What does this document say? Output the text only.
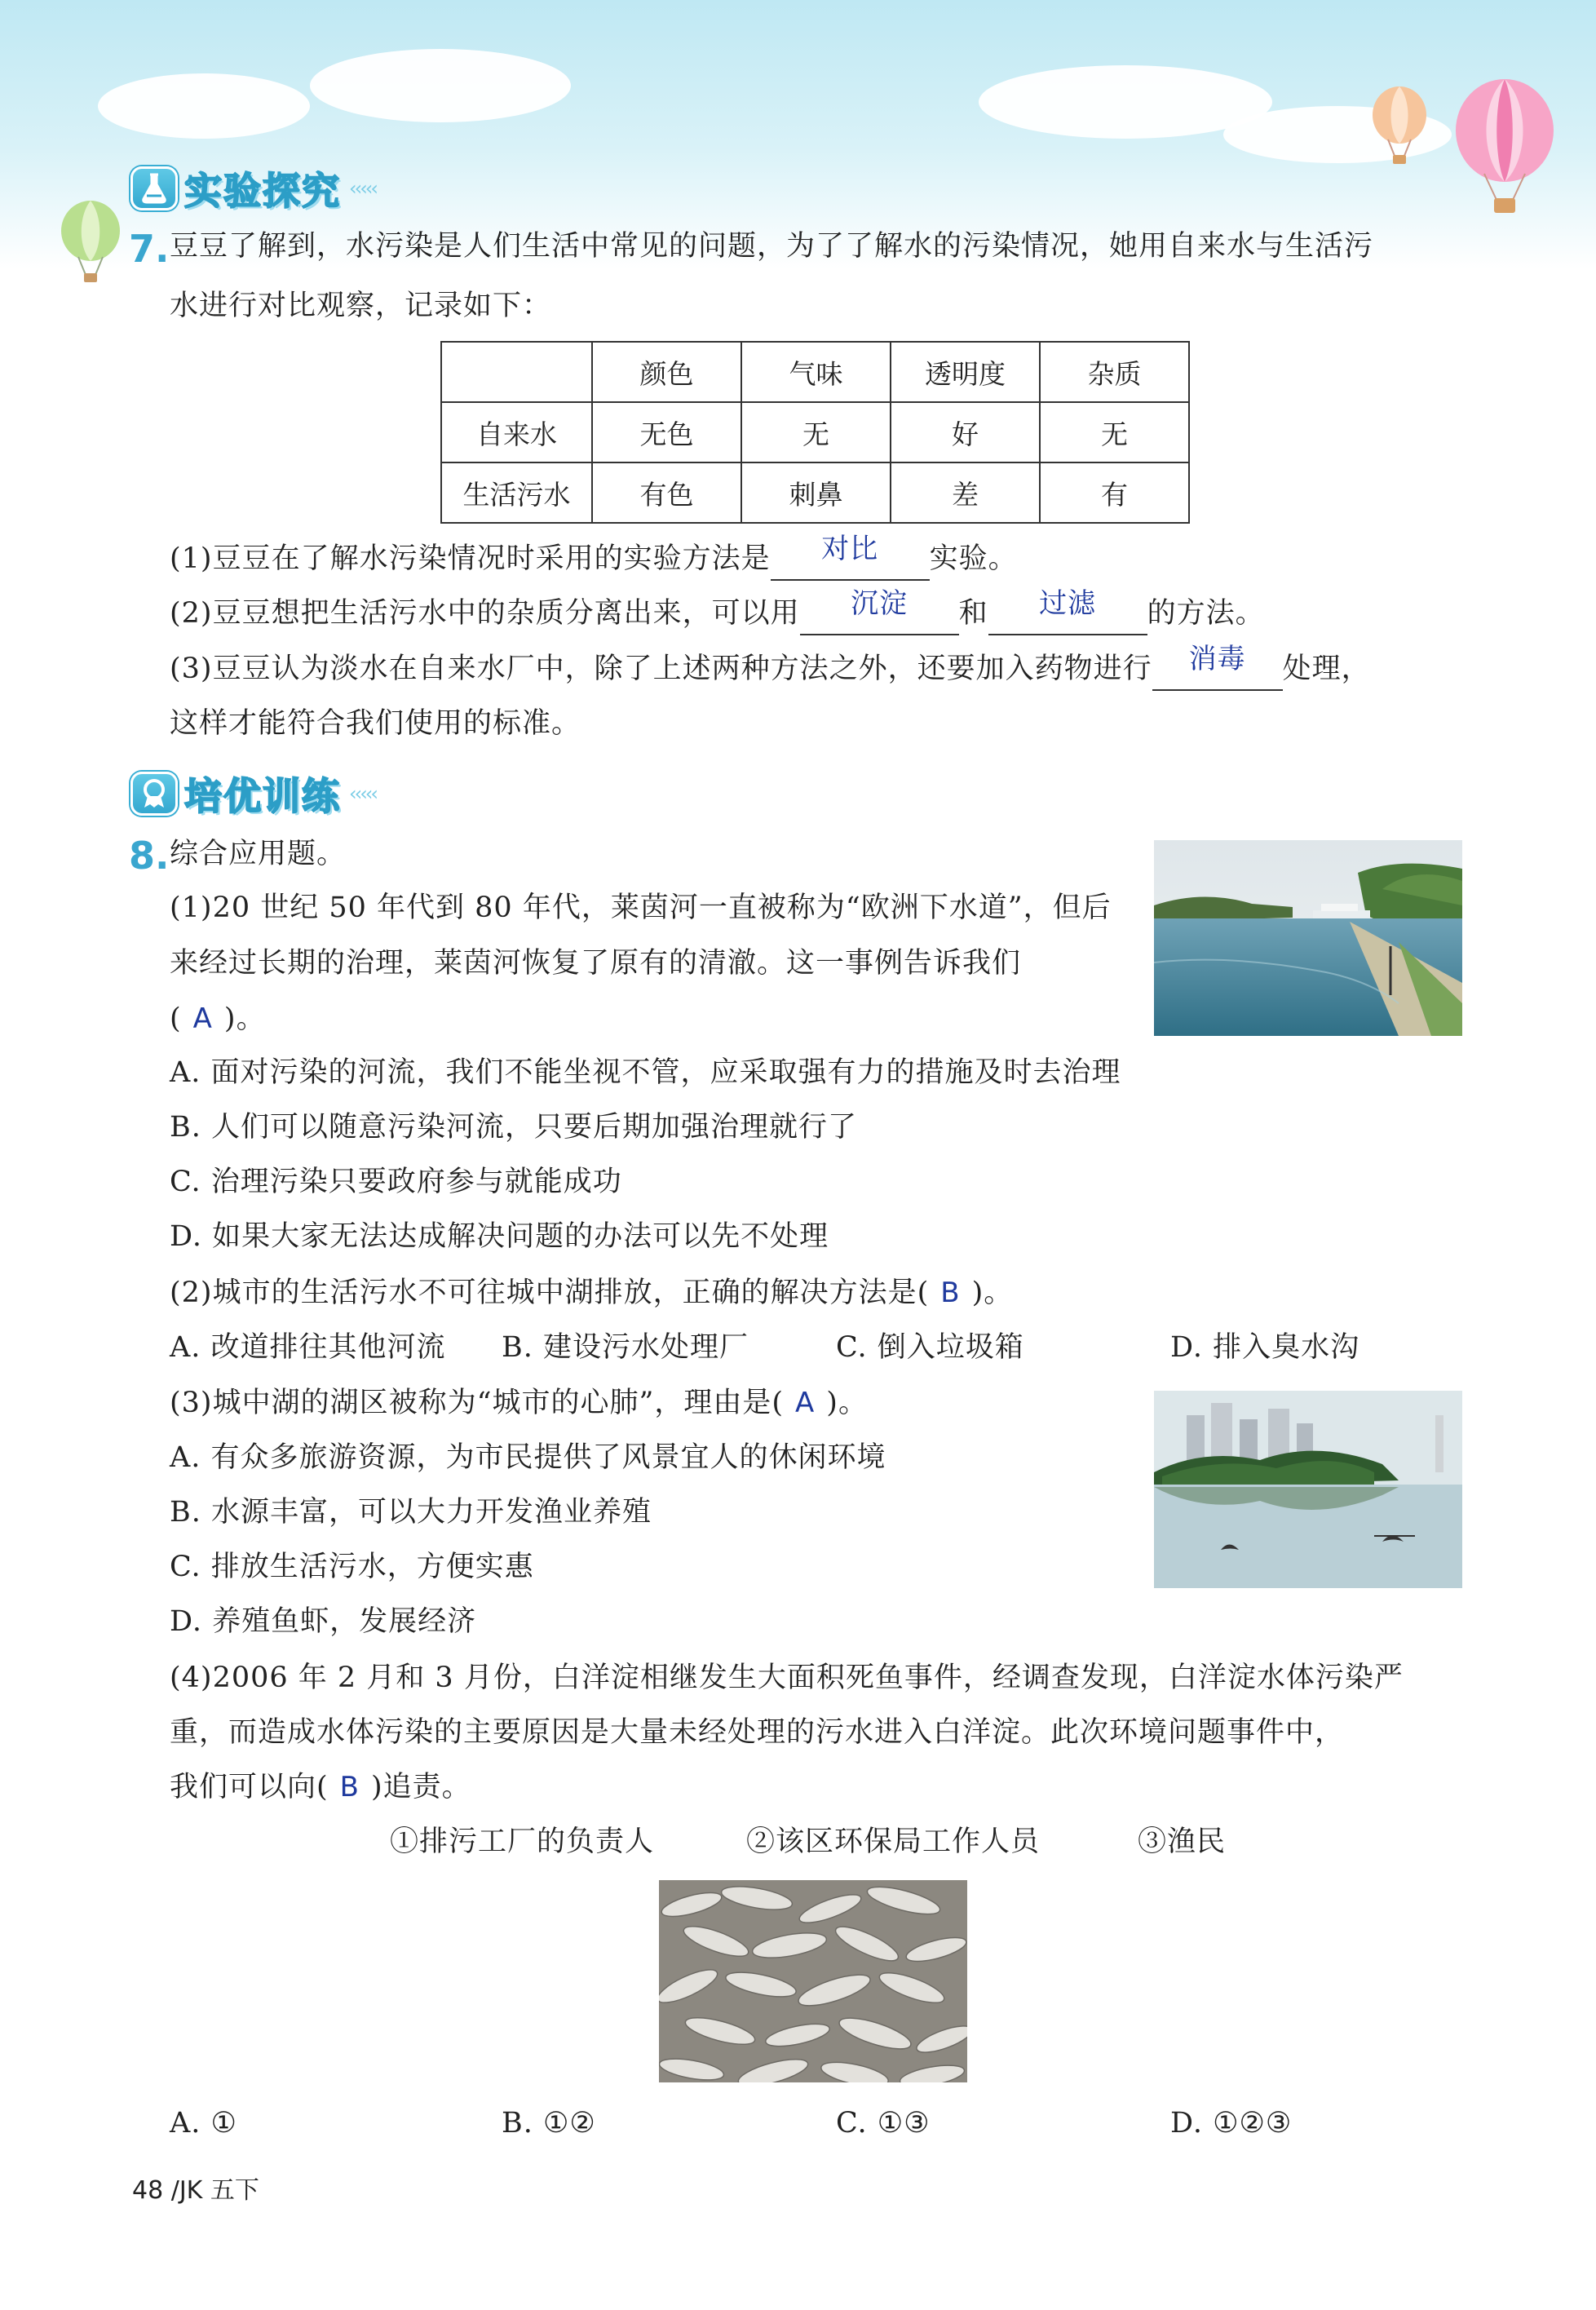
实验探究 ‹‹‹‹‹
7. 豆豆了解到，水污染是人们生活中常见的问题，为了了解水的污染情况，她用自来水与生活污
水进行对比观察，记录如下：
	颜色	气味	透明度	杂质
自来水	无色	无	好	无
生活污水	有色	刺鼻	差	有
(1)豆豆在了解水污染情况时采用的实验方法是 对比 实验。
(2)豆豆想把生活污水中的杂质分离出来，可以用 沉淀 和 过滤 的方法。
(3)豆豆认为淡水在自来水厂中，除了上述两种方法之外，还要加入药物进行 消毒 处理，
这样才能符合我们使用的标准。
培优训练 ‹‹‹‹‹
8. 综合应用题。
(1)20 世纪 50 年代到 80 年代，莱茵河一直被称为“欧洲下水道”，但后
来经过长期的治理，莱茵河恢复了原有的清澈。这一事例告诉我们
( A )。
A. 面对污染的河流，我们不能坐视不管，应采取强有力的措施及时去治理
B. 人们可以随意污染河流，只要后期加强治理就行了
C. 治理污染只要政府参与就能成功
D. 如果大家无法达成解决问题的办法可以先不处理
(2)城市的生活污水不可往城中湖排放，正确的解决方法是( B )。
A. 改道排往其他河流 B. 建设污水处理厂	C. 倒入垃圾箱	D. 排入臭水沟
(3)城中湖的湖区被称为“城市的心肺”，理由是( A )。
A. 有众多旅游资源，为市民提供了风景宜人的休闲环境
B. 水源丰富，可以大力开发渔业养殖
C. 排放生活污水，方便实惠
D. 养殖鱼虾，发展经济
(4)2006 年 2 月和 3 月份，白洋淀相继发生大面积死鱼事件，经调查发现，白洋淀水体污染严
重，而造成水体污染的主要原因是大量未经处理的污水进入白洋淀。此次环境问题事件中，
我们可以向( B )追责。
①排污工厂的负责人	②该区环保局工作人员	③渔民
A. ①	B. ①②	C. ①③	D. ①②③
48 /JK 五下
